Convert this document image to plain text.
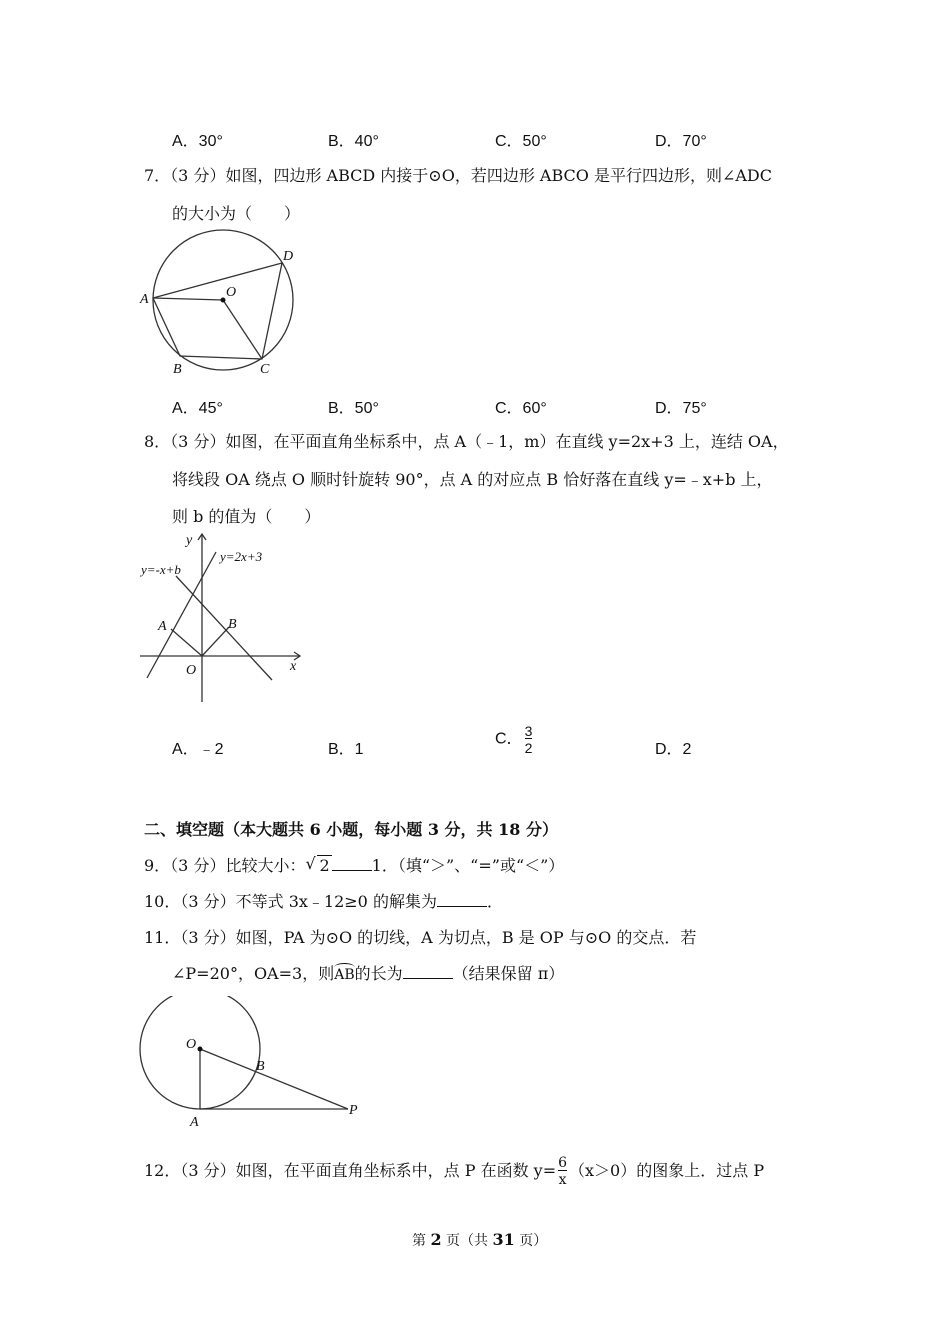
A．30°	B．40°	C．50°	D．70°
7．（3 分）如图，四边形 ABCD 内接于⊙O，若四边形 ABCO 是平行四边形，则∠ADC
的大小为（　　）
A
D
O
B	C
A．45°	B．50°	C．60°	D．75°
8．（3 分）如图，在平面直角坐标系中，点 A（﹣1，m）在直线 y=2x+3 上，连结 OA，
将线段 OA 绕点 O 顺时针旋转 90°，点 A 的对应点 B 恰好落在直线 y=﹣x+b 上，
则 b 的值为（　　）
y
y=2x+3
y=-x+b
A	B
O	x
A．﹣2	B．1
C． $\frac{3}{2}$	D．2
二、填空题（本大题共 6 小题，每小题 3 分，共 18 分）
9．（3 分）比较大小： √ 2	1．（填“＞”、“=”或“＜”）
10．（3 分）不等式 3x﹣12≥0 的解集为	．
11．（3 分）如图，PA 为⊙O 的切线，A 为切点，B 是 OP 与⊙O 的交点．若
∠P=20°，OA=3，则AB的长为	（结果保留 π）
O
B
A
P
12．（3 分）如图，在平面直角坐标系中，点 P 在函数 $y= \frac{6}{x} (x>0)$的图象上．过点 P
第 2 页（共 31 页）
